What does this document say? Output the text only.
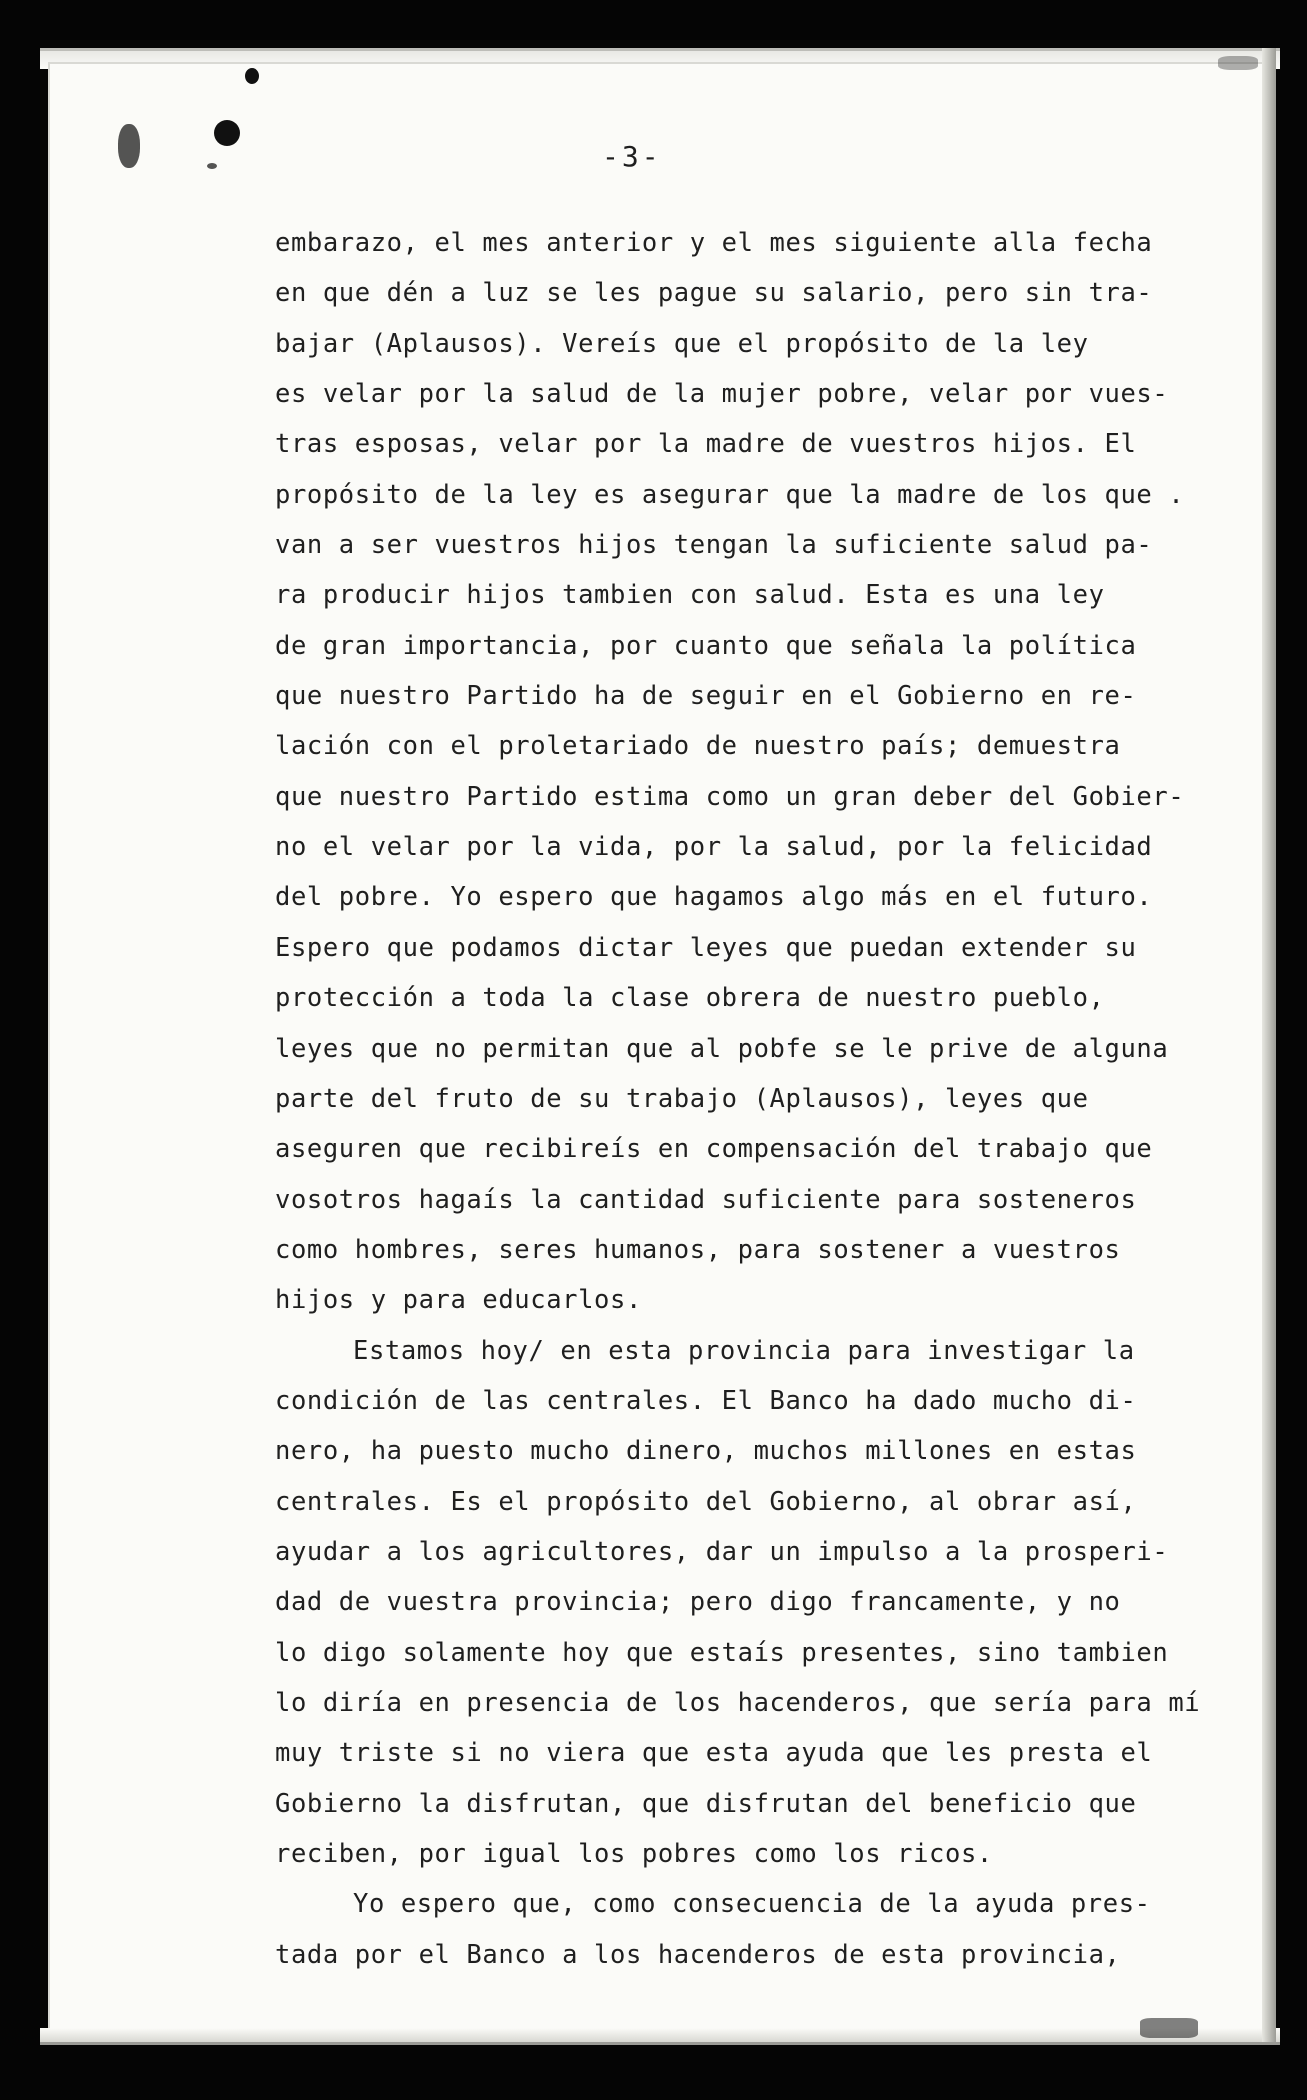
-3-
embarazo, el mes anterior y el mes siguiente alla fecha
en que dén a luz se les pague su salario, pero sin tra-
bajar (Aplausos). Vereís que el propósito de la ley
es velar por la salud de la mujer pobre, velar por vues-
tras esposas, velar por la madre de vuestros hijos. El
propósito de la ley es asegurar que la madre de los que .
van a ser vuestros hijos tengan la suficiente salud pa-
ra producir hijos tambien con salud. Esta es una ley
de gran importancia, por cuanto que señala la política
que nuestro Partido ha de seguir en el Gobierno en re-
lación con el proletariado de nuestro país; demuestra
que nuestro Partido estima como un gran deber del Gobier-
no el velar por la vida, por la salud, por la felicidad
del pobre. Yo espero que hagamos algo más en el futuro.
Espero que podamos dictar leyes que puedan extender su
protección a toda la clase obrera de nuestro pueblo,
leyes que no permitan que al pobfe se le prive de alguna
parte del fruto de su trabajo (Aplausos), leyes que
aseguren que recibireís en compensación del trabajo que
vosotros hagaís la cantidad suficiente para sosteneros
como hombres, seres humanos, para sostener a vuestros
hijos y para educarlos.
Estamos hoy/ en esta provincia para investigar la
condición de las centrales. El Banco ha dado mucho di-
nero, ha puesto mucho dinero, muchos millones en estas
centrales. Es el propósito del Gobierno, al obrar así,
ayudar a los agricultores, dar un impulso a la prosperi-
dad de vuestra provincia; pero digo francamente, y no
lo digo solamente hoy que estaís presentes, sino tambien
lo diría en presencia de los hacenderos, que sería para mí
muy triste si no viera que esta ayuda que les presta el
Gobierno la disfrutan, que disfrutan del beneficio que
reciben, por igual los pobres como los ricos.
Yo espero que, como consecuencia de la ayuda pres-
tada por el Banco a los hacenderos de esta provincia,
